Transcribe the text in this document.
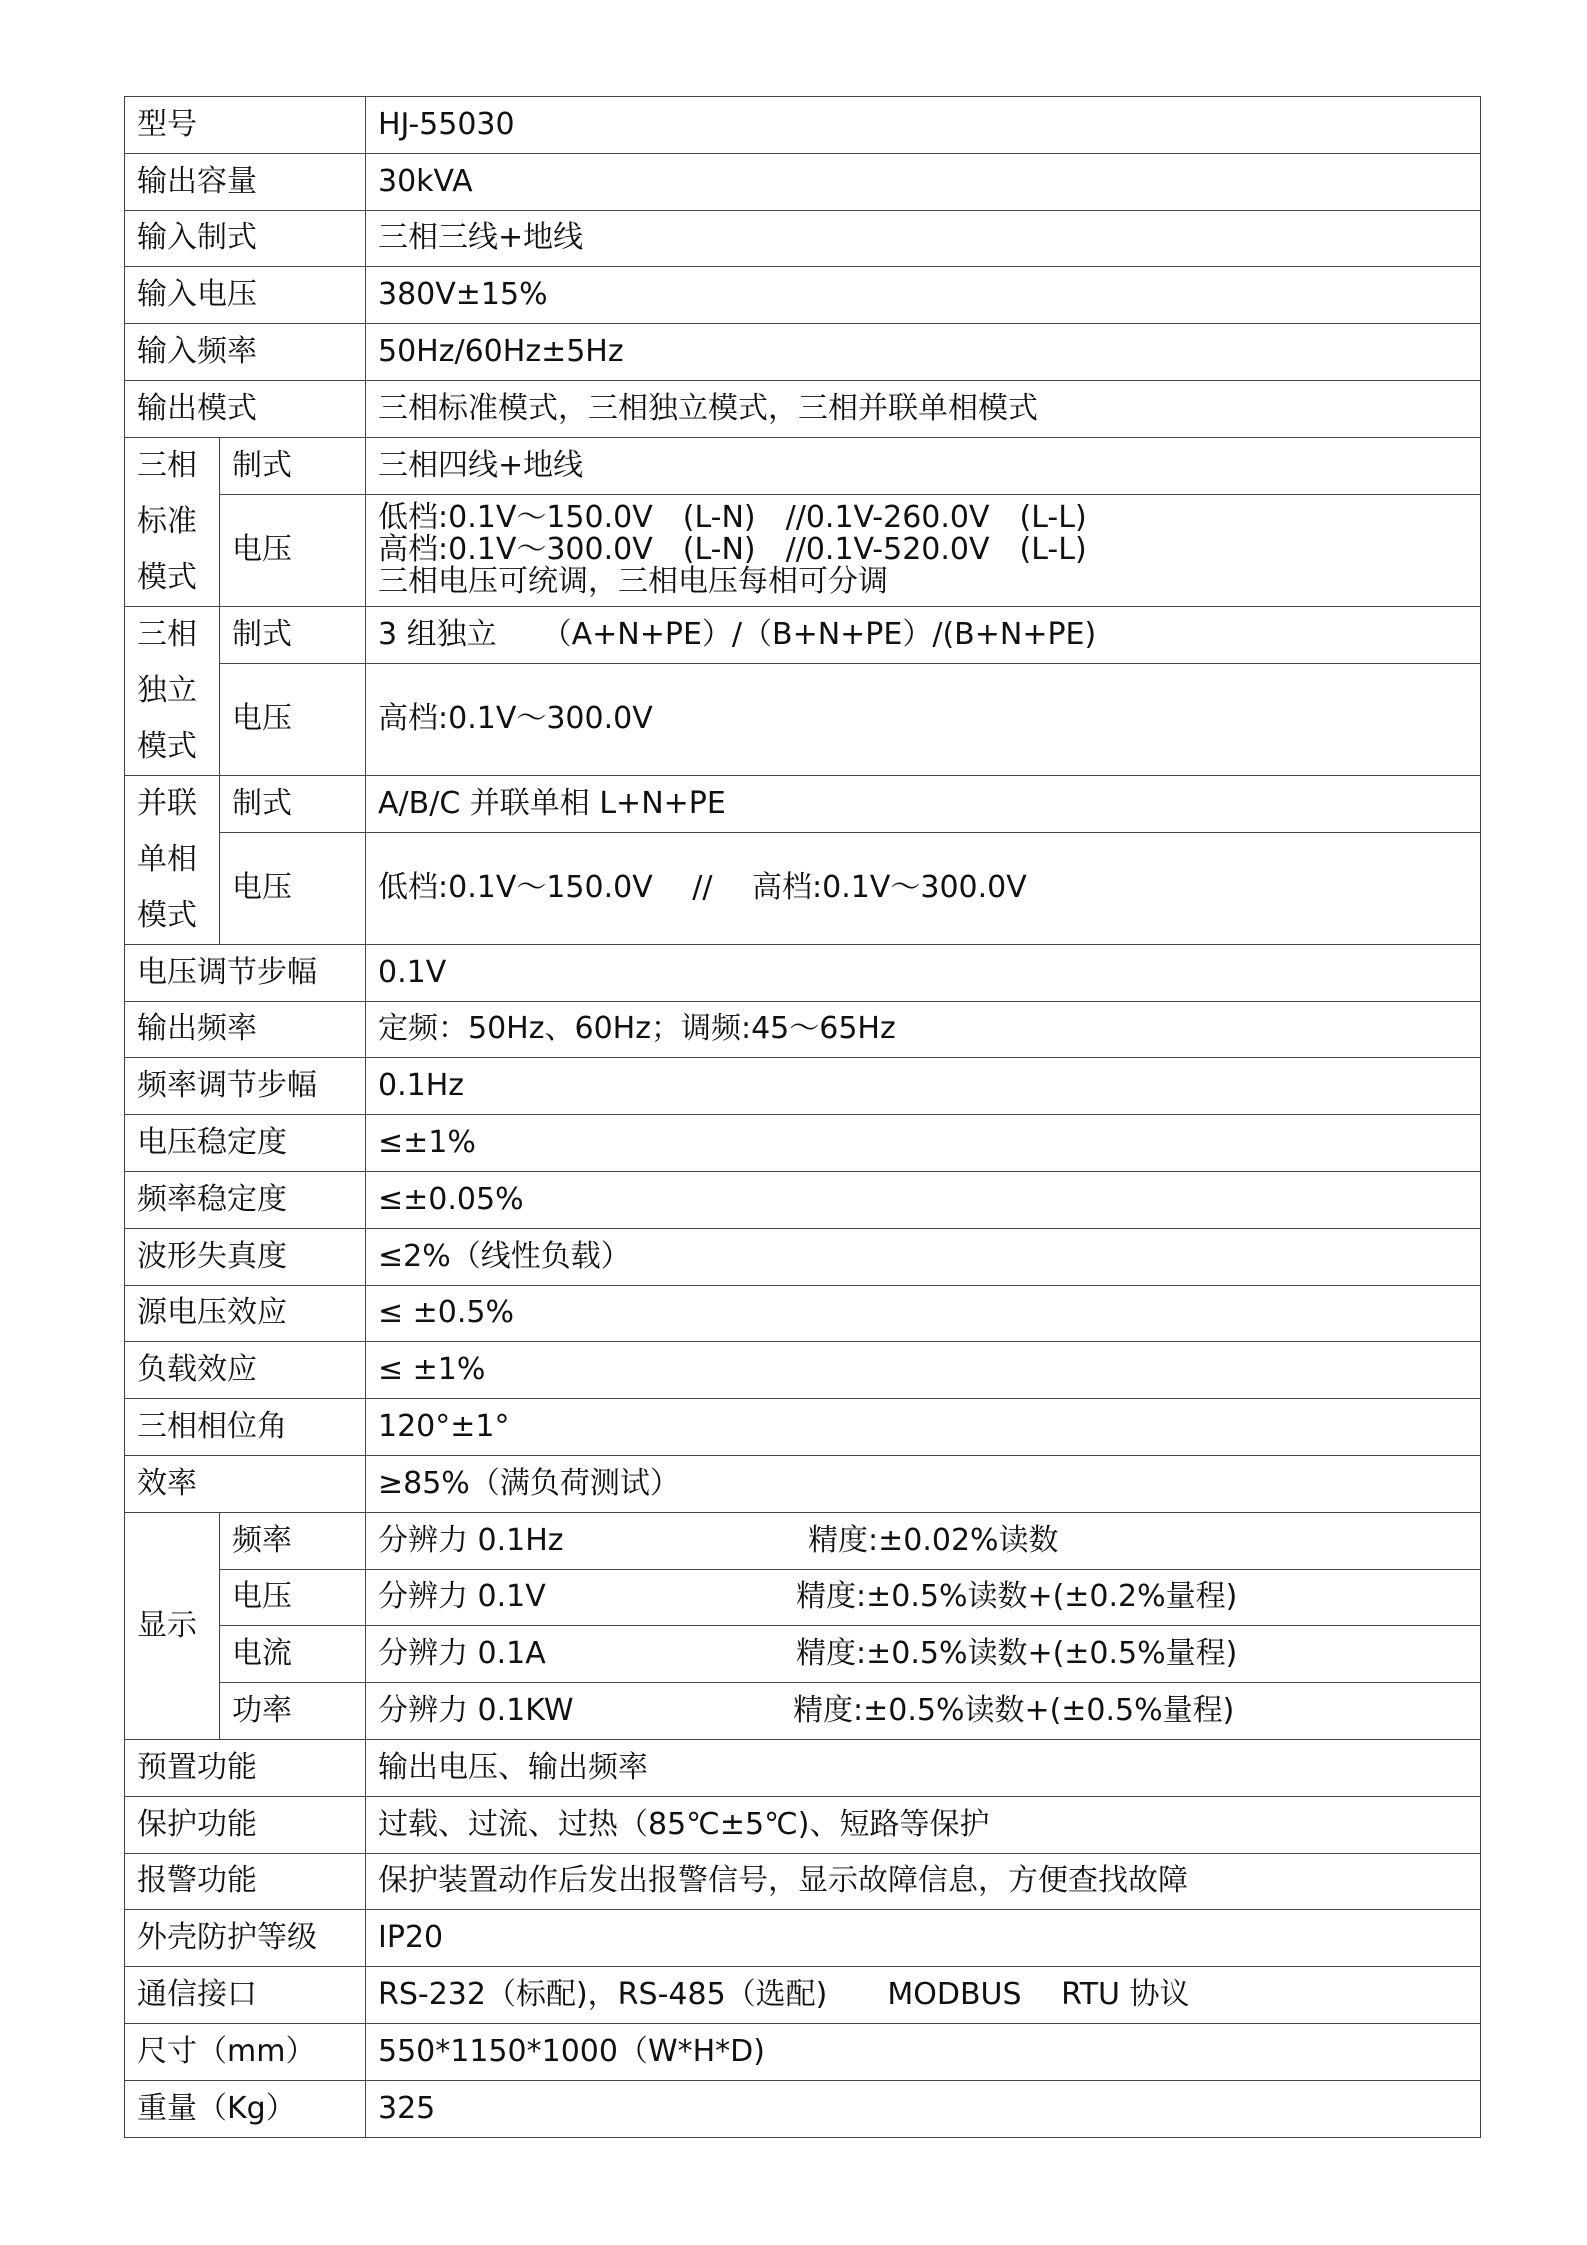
型号		HJ-55030
输出容量		30kVA
输入制式		三相三线+地线
输入电压		380V±15%
输入频率		50Hz/60Hz±5Hz
输出模式		三相标准模式，三相独立模式，三相并联单相模式

三相
标准
模式	制式	三相四线+地线
	电压	低档:0.1V～150.0V　(L-N)　//0.1V-260.0V　(L-L)
高档:0.1V～300.0V　(L-N)　//0.1V-520.0V　(L-L)
三相电压可统调，三相电压每相可分调

三相
独立
模式	制式	3 组独立　　（A+N+PE）/（B+N+PE）/(B+N+PE)
	电压	高档:0.1V～300.0V

并联
单相
模式	制式	A/B/C 并联单相 L+N+PE
	电压	低档:0.1V～150.0V　 //　 高档:0.1V～300.0V
电压调节步幅		0.1V
输出频率		定频：50Hz、60Hz；调频:45～65Hz
频率调节步幅		0.1Hz
电压稳定度		≤±1%
频率稳定度		≤±0.05%
波形失真度		≤2%（线性负载）
源电压效应		≤ ±0.5%
负载效应		≤ ±1%
三相相位角		120°±1°
效率		≥85%（满负荷测试）
显示	频率	分辨力 0.1Hz 精度:±0.02%读数

	电压	分辨力 0.1V 精度:±0.5%读数+(±0.2%量程)

	电流	分辨力 0.1A 精度:±0.5%读数+(±0.5%量程)

	功率	分辨力 0.1KW 精度:±0.5%读数+(±0.5%量程)

预置功能		输出电压、输出频率
保护功能		过载、过流、过热（85℃±5℃)、短路等保护
报警功能		保护装置动作后发出报警信号，显示故障信息，方便查找故障
外壳防护等级		IP20
通信接口		RS-232（标配)，RS-485（选配)　　MODBUS　 RTU 协议
尺寸（mm）		550*1150*1000（W*H*D)
重量（Kg）		325
